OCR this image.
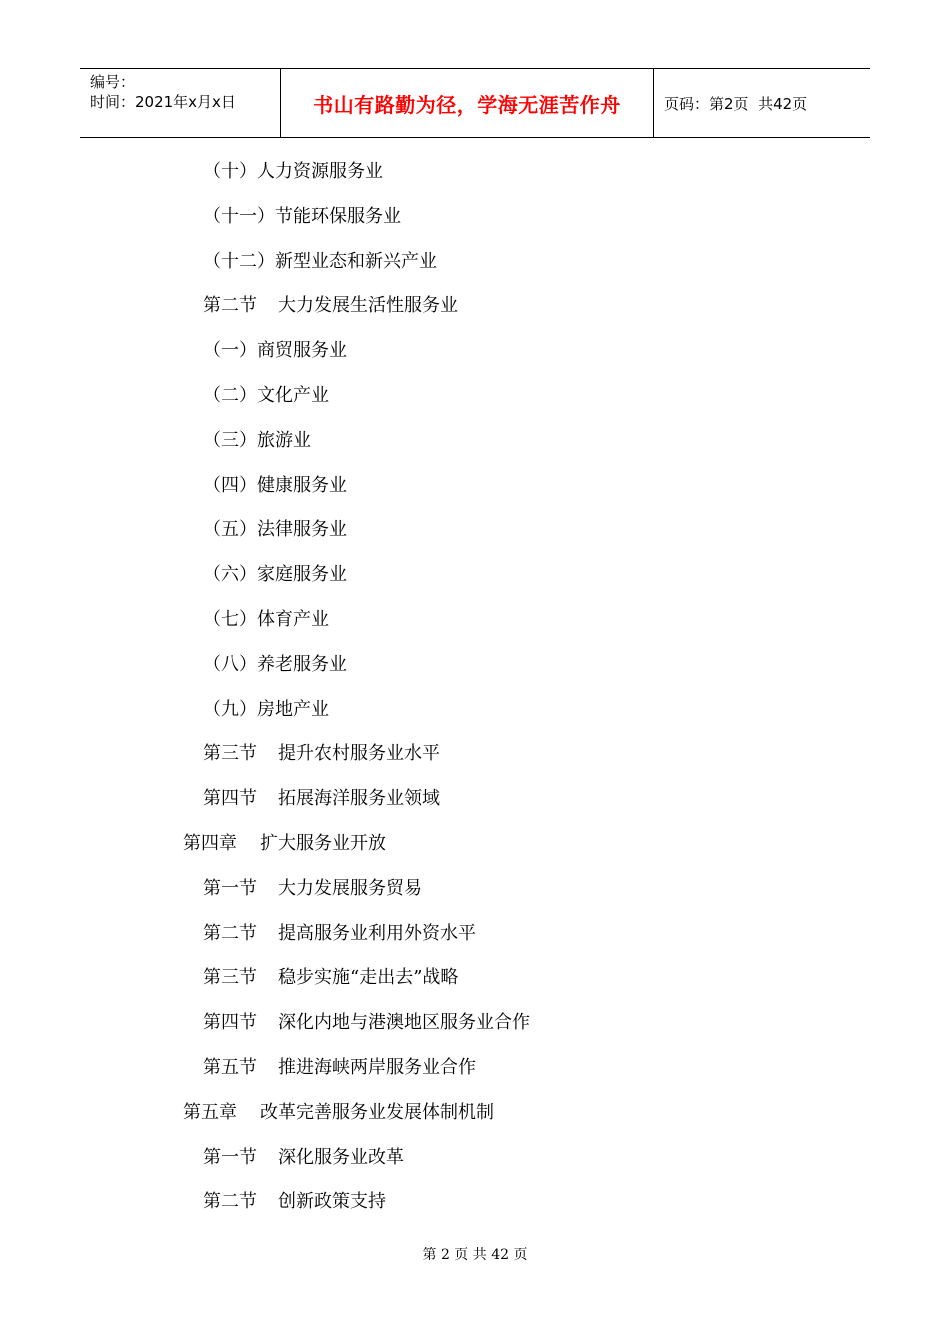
编号：
时间：2021年x月x日	书山有路勤为径，学海无涯苦作舟	页码：第2页  共42页
（十）人力资源服务业
（十一）节能环保服务业
（十二）新型业态和新兴产业
第二节 大力发展生活性服务业
（一）商贸服务业
（二）文化产业
（三）旅游业
（四）健康服务业
（五）法律服务业
（六）家庭服务业
（七）体育产业
（八）养老服务业
（九）房地产业
第三节 提升农村服务业水平
第四节 拓展海洋服务业领域
第四章 扩大服务业开放
第一节 大力发展服务贸易
第二节 提高服务业利用外资水平
第三节 稳步实施“走出去”战略
第四节 深化内地与港澳地区服务业合作
第五节 推进海峡两岸服务业合作
第五章 改革完善服务业发展体制机制
第一节 深化服务业改革
第二节 创新政策支持
第 2 页 共 42 页
